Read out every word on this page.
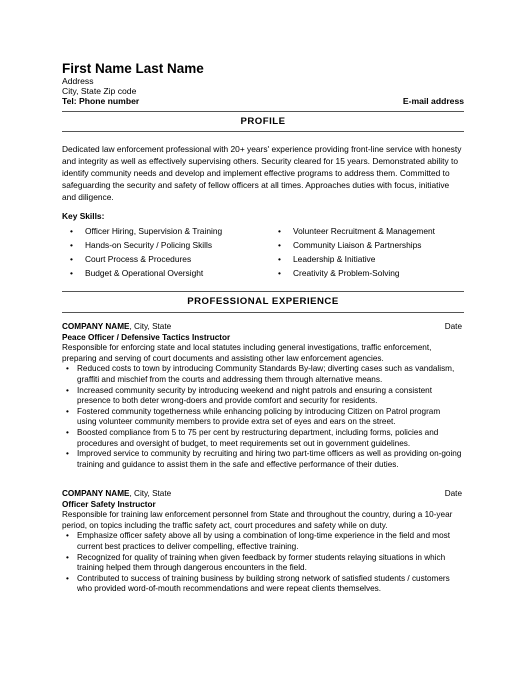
First Name Last Name
Address
City, State Zip code
Tel: Phone number	E-mail address
PROFILE
Dedicated law enforcement professional with 20+ years' experience providing front-line service with honesty and integrity as well as effectively supervising others. Security cleared for 15 years. Demonstrated ability to identify community needs and develop and implement effective programs to address them. Committed to safeguarding the security and safety of fellow officers at all times. Approaches duties with focus, initiative and diligence.
Key Skills:
• Officer Hiring, Supervision & Training
• Hands-on Security / Policing Skills
• Court Process & Procedures
• Budget & Operational Oversight
• Volunteer Recruitment & Management
• Community Liaison & Partnerships
• Leadership & Initiative
• Creativity & Problem-Solving
PROFESSIONAL EXPERIENCE
COMPANY NAME, City, State	Date
Peace Officer / Defensive Tactics Instructor
Responsible for enforcing state and local statutes including general investigations, traffic enforcement, preparing and serving of court documents and assisting other law enforcement agencies.
• Reduced costs to town by introducing Community Standards By-law; diverting cases such as vandalism, graffiti and mischief from the courts and addressing them through alternative means.
• Increased community security by introducing weekend and night patrols and ensuring a consistent presence to both deter wrong-doers and provide comfort and security for residents.
• Fostered community togetherness while enhancing policing by introducing Citizen on Patrol program using volunteer community members to provide extra set of eyes and ears on the street.
• Boosted compliance from 5 to 75 per cent by restructuring department, including forms, policies and procedures and oversight of budget, to meet requirements set out in government guidelines.
• Improved service to community by recruiting and hiring two part-time officers as well as providing on-going training and guidance to assist them in the safe and effective performance of their duties.
COMPANY NAME, City, State	Date
Officer Safety Instructor
Responsible for training law enforcement personnel from State and throughout the country, during a 10-year period, on topics including the traffic safety act, court procedures and safety while on duty.
• Emphasize officer safety above all by using a combination of long-time experience in the field and most current best practices to deliver compelling, effective training.
• Recognized for quality of training when given feedback by former students relaying situations in which training helped them through dangerous encounters in the field.
• Contributed to success of training business by building strong network of satisfied students / customers who provided word-of-mouth recommendations and were repeat clients themselves.
